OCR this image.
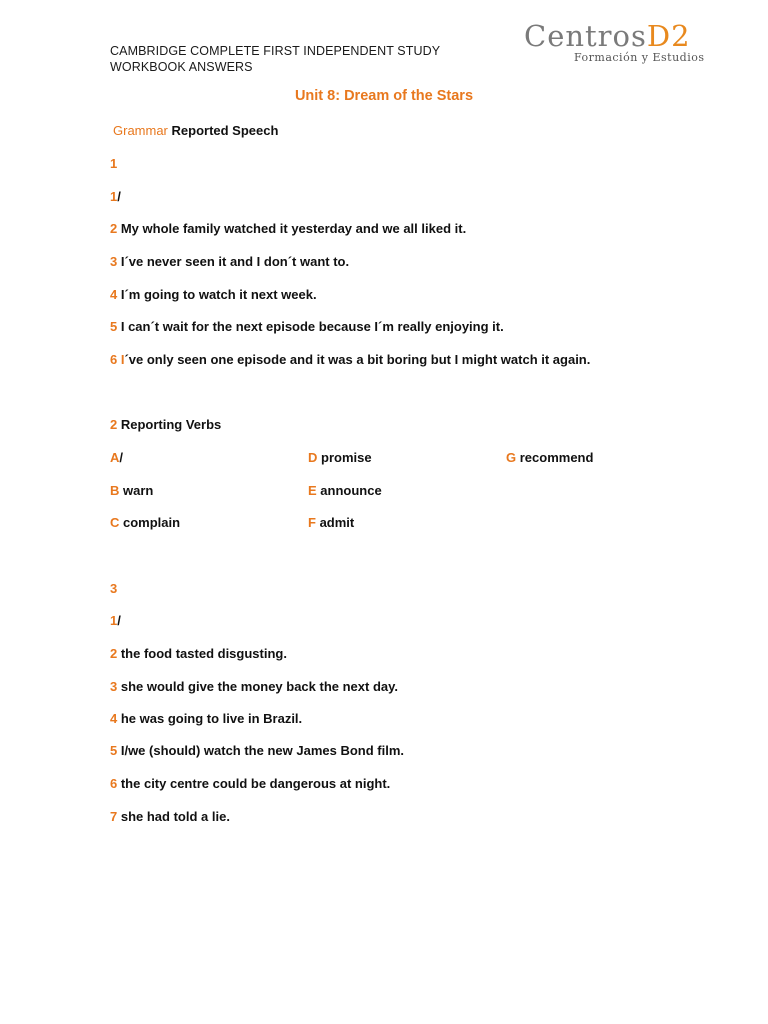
CAMBRIDGE COMPLETE FIRST INDEPENDENT STUDY
WORKBOOK ANSWERS
CentrosD2
Formación y Estudios
Unit 8: Dream of the Stars
Grammar Reported Speech
1
1/
2 My whole family watched it yesterday and we all liked it.
3 I´ve never seen it and I don´t want to.
4 I´m going to watch it next week.
5 I can´t wait for the next episode because I´m really enjoying it.
6 I´ve only seen one episode and it was a bit boring but I might watch it again.
2 Reporting Verbs
A/
B warn
C complain
D promise
E announce
F admit
G recommend
3
1/
2 the food tasted disgusting.
3 she would give the money back the next day.
4 he was going to live in Brazil.
5 I/we (should) watch the new James Bond film.
6 the city centre could be dangerous at night.
7 she had told a lie.
